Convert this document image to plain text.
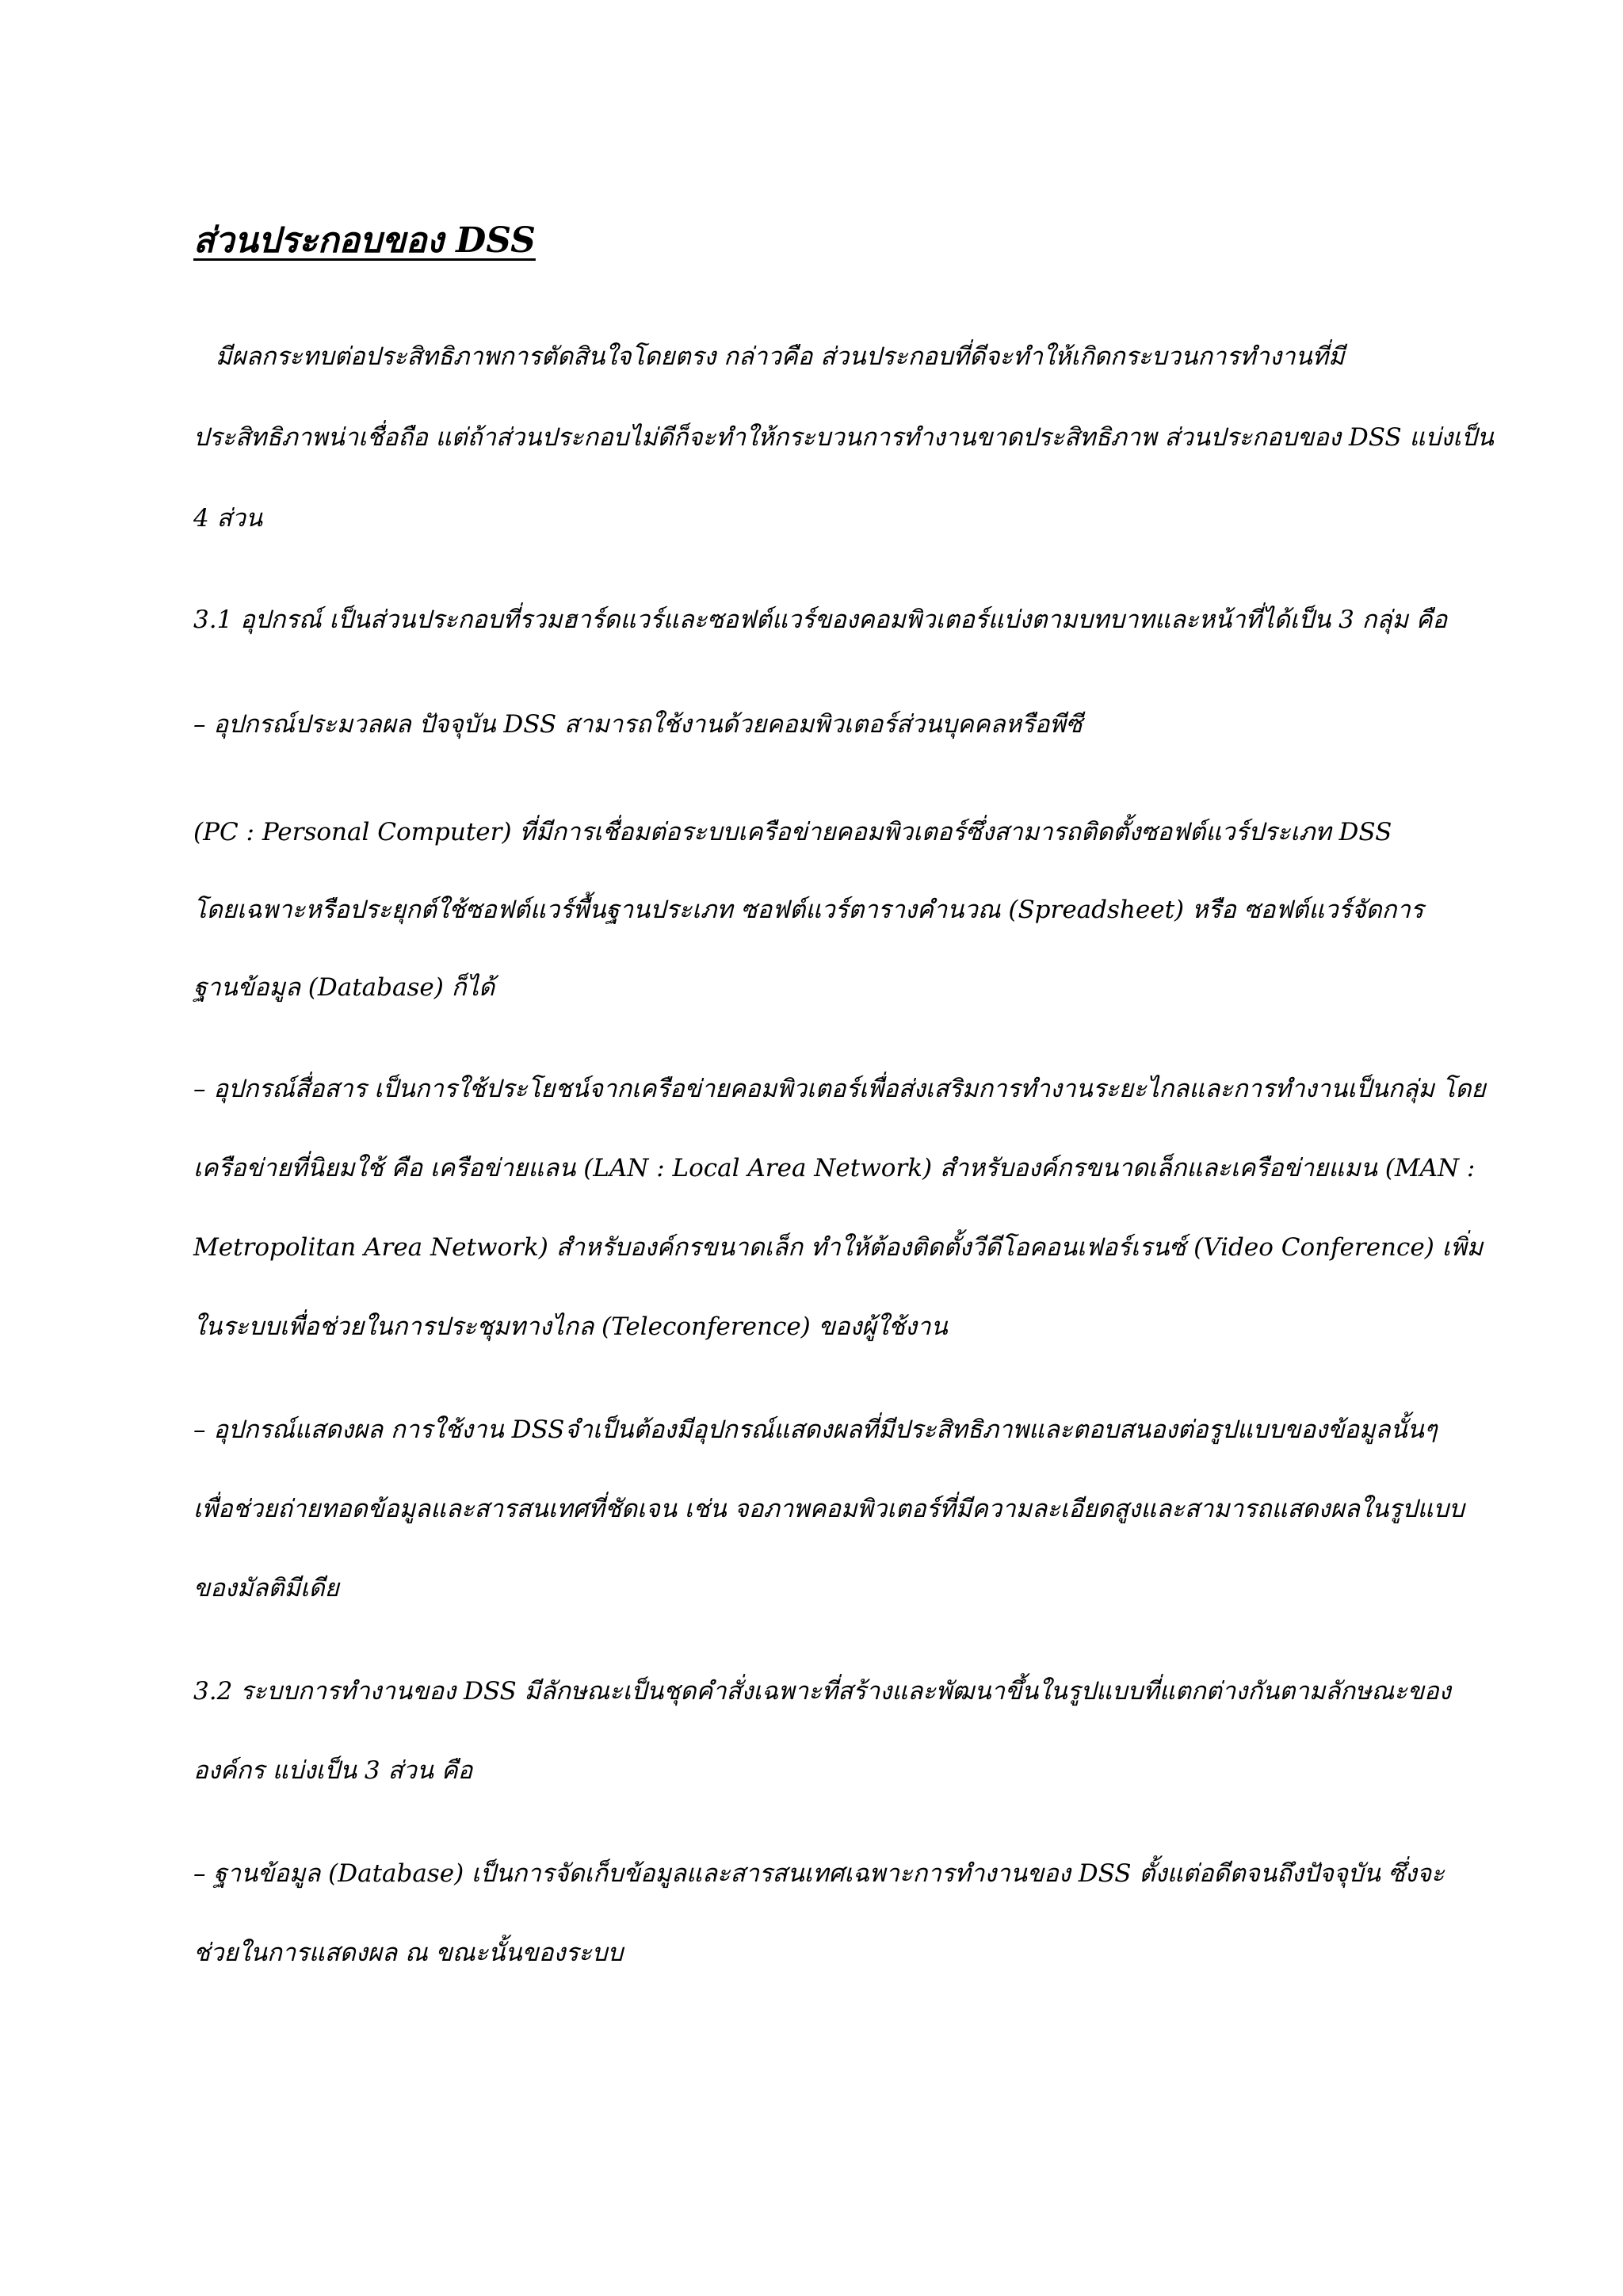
ส่วนประกอบของ DSS
มีผลกระทบต่อประสิทธิภาพการตัดสินใจโดยตรง กล่าวคือ ส่วนประกอบที่ดีจะทำให้เกิดกระบวนการทำงานที่มี
ประสิทธิภาพน่าเชื่อถือ แต่ถ้าส่วนประกอบไม่ดีก็จะทำให้กระบวนการทำงานขาดประสิทธิภาพ ส่วนประกอบของ DSS แบ่งเป็น
4 ส่วน
3.1 อุปกรณ์ เป็นส่วนประกอบที่รวมฮาร์ดแวร์และซอฟต์แวร์ของคอมพิวเตอร์แบ่งตามบทบาทและหน้าที่ได้เป็น 3 กลุ่ม คือ
– อุปกรณ์ประมวลผล ปัจจุบัน DSS สามารถใช้งานด้วยคอมพิวเตอร์ส่วนบุคคลหรือพีซี
(PC : Personal Computer) ที่มีการเชื่อมต่อระบบเครือข่ายคอมพิวเตอร์ซึ่งสามารถติดตั้งซอฟต์แวร์ประเภท DSS
โดยเฉพาะหรือประยุกต์ใช้ซอฟต์แวร์พื้นฐานประเภท ซอฟต์แวร์ตารางคำนวณ (Spreadsheet) หรือ ซอฟต์แวร์จัดการ
ฐานข้อมูล (Database) ก็ได้
– อุปกรณ์สื่อสาร เป็นการใช้ประโยชน์จากเครือข่ายคอมพิวเตอร์เพื่อส่งเสริมการทำงานระยะไกลและการทำงานเป็นกลุ่ม โดย
เครือข่ายที่นิยมใช้ คือ เครือข่ายแลน (LAN : Local Area Network) สำหรับองค์กรขนาดเล็กและเครือข่ายแมน (MAN :
Metropolitan Area Network) สำหรับองค์กรขนาดเล็ก ทำให้ต้องติดตั้งวีดีโอคอนเฟอร์เรนซ์ (Video Conference) เพิ่ม
ในระบบเพื่อช่วยในการประชุมทางไกล (Teleconference) ของผู้ใช้งาน
– อุปกรณ์แสดงผล การใช้งาน DSSจำเป็นต้องมีอุปกรณ์แสดงผลที่มีประสิทธิภาพและตอบสนองต่อรูปแบบของข้อมูลนั้นๆ
เพื่อช่วยถ่ายทอดข้อมูลและสารสนเทศที่ชัดเจน เช่น จอภาพคอมพิวเตอร์ที่มีความละเอียดสูงและสามารถแสดงผลในรูปแบบ
ของมัลติมีเดีย
3.2 ระบบการทำงานของ DSS มีลักษณะเป็นชุดคำสั่งเฉพาะที่สร้างและพัฒนาขึ้นในรูปแบบที่แตกต่างกันตามลักษณะของ
องค์กร แบ่งเป็น 3 ส่วน คือ
– ฐานข้อมูล (Database) เป็นการจัดเก็บข้อมูลและสารสนเทศเฉพาะการทำงานของ DSS ตั้งแต่อดีตจนถึงปัจจุบัน ซึ่งจะ
ช่วยในการแสดงผล ณ ขณะนั้นของระบบ
